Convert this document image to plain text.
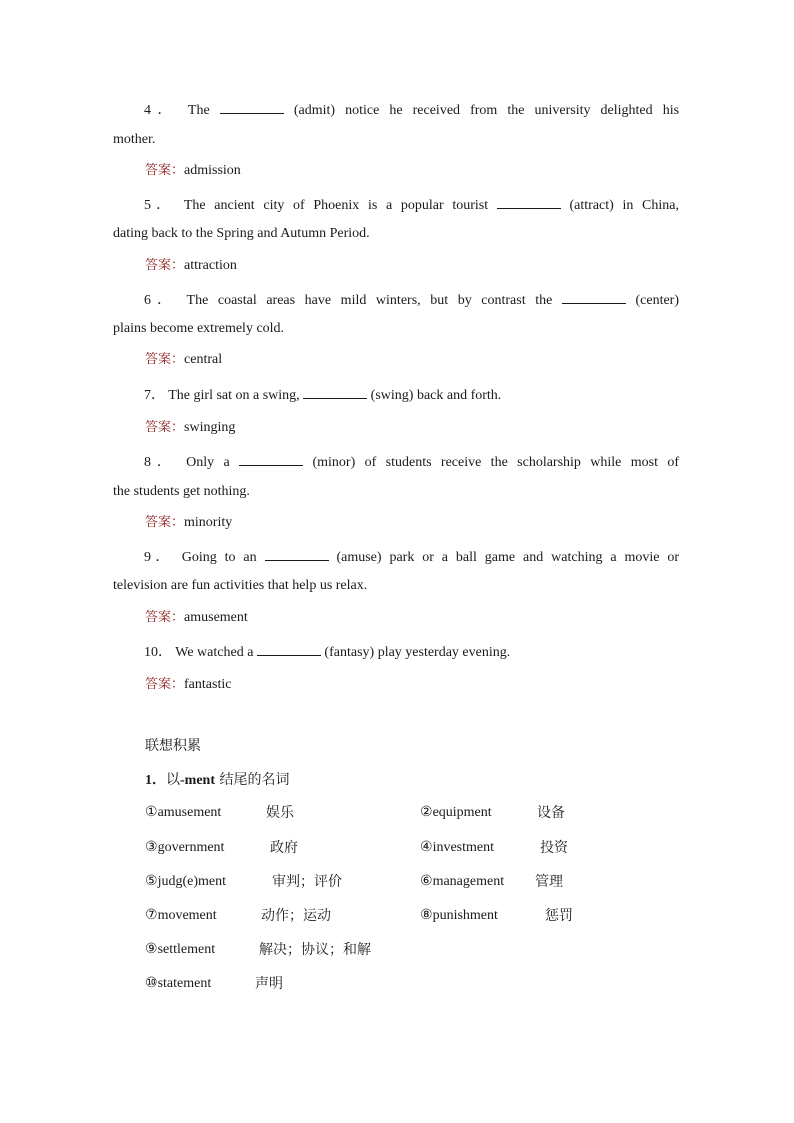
4． The	(admit) notice he received from the university delighted his
mother.
答案：admission
5． The ancient city of Phoenix is a popular tourist	(attract) in China,
dating back to the Spring and Autumn Period.
答案：attraction
6． The coastal areas have mild winters, but by contrast the	(center)
plains become extremely cold.
答案：central
7． The girl sat on a swing,	(swing) back and forth.
答案：swinging
8． Only a	(minor) of students receive the scholarship while most of
the students get nothing.
答案：minority
9． Going to an	(amuse) park or a ball game and watching a movie or
television are fun activities that help us relax.
答案：amusement
10． We watched a	(fantasy) play yesterday evening.
答案：fantastic
联想积累
1．以-ment 结尾的名词
①amusement	娱乐	②equipment	设备
③government	政府	④investment	投资
⑤judg(e)ment	审判；评价	⑥management 管理
⑦movement	动作；运动	⑧punishment	惩罚
⑨settlement	解决；协议；和解
⑩statement	声明
